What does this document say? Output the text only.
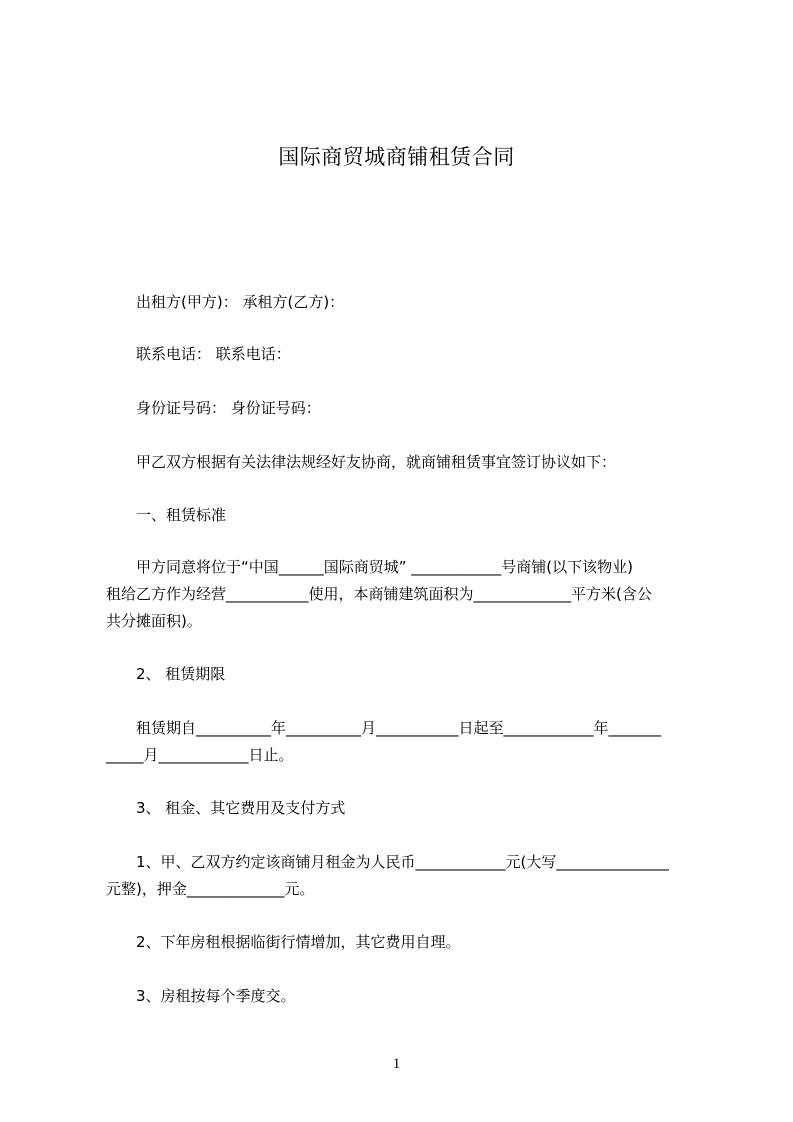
国际商贸城商铺租赁合同
出租方(甲方)： 承租方(乙方)：
联系电话： 联系电话：
身份证号码： 身份证号码：
甲乙双方根据有关法律法规经好友协商，就商铺租赁事宜签订协议如下：
一、租赁标准
甲方同意将位于“中国______国际商贸城” ____________号商铺(以下该物业)
租给乙方作为经营___________使用，本商铺建筑面积为_____________平方米(含公
共分摊面积)。
2、 租赁期限
租赁期自__________年__________月___________日起至____________年_______
_____月____________日止。
3、 租金、其它费用及支付方式
1、甲、乙双方约定该商铺月租金为人民币____________元(大写_______________
元整)，押金_____________元。
2、下年房租根据临街行情增加，其它费用自理。
3、房租按每个季度交。
1
